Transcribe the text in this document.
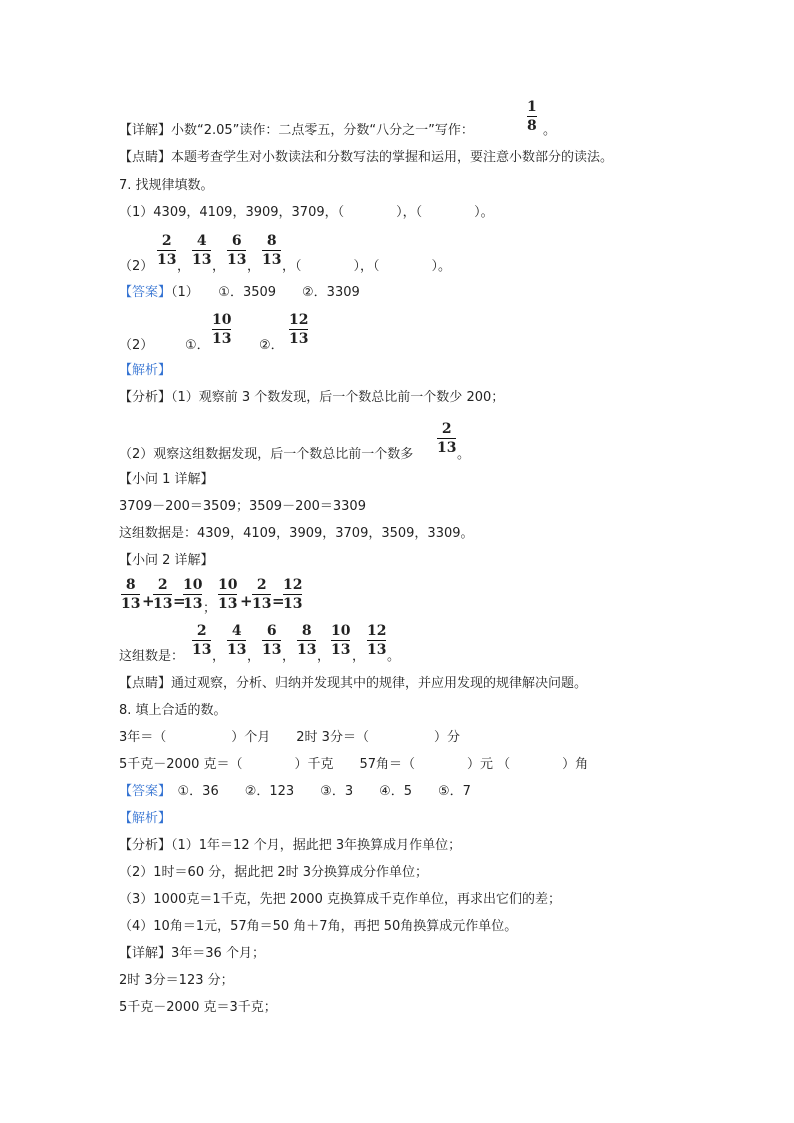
【详解】小数“2.05”读作：二点零五，分数“八分之一”写作：
1
8 。
【点睛】本题考查学生对小数读法和分数写法的掌握和运用，要注意小数部分的读法。
7. 找规律填数。
（1）4309，4109，3909，3709，（　　　　），（　　　　）。
（2）
2
13 ，
4
13 ，
6
13 ，
8
13 ，（　　　　），（　　　　）。
【答案】（1）　　①．3509　　②．3309
（2） ①．
10
13 ②．
12
13
【解析】
【分析】（1）观察前 3 个数发现，后一个数总比前一个数少 200；
（2）观察这组数据发现，后一个数总比前一个数多
2
13 。
【小问 1 详解】
3709－200＝3509；3509－200＝3309
这组数据是：4309，4109，3909，3709，3509，3309。
【小问 2 详解】
8
13 +
2
13 =
10
13 ；
10
13 +
2
13 =
12
13
这组数是：
2
13 ，
4
13 ，
6
13 ，
8
13 ，
10
13 ，
12
13 。
【点睛】通过观察，分析、归纳并发现其中的规律，并应用发现的规律解决问题。
8. 填上合适的数。
3年＝（　　　　　）个月　　2时 3分＝（　　　　　）分
5千克－2000 克＝（　　　　）千克　　57角＝（　　　　）元 （　　　　）角
【答案】　①．36　　②．123　　③．3　　④．5　　⑤．7
【解析】
【分析】（1）1年＝12 个月，据此把 3年换算成月作单位；
（2）1时＝60 分，据此把 2时 3分换算成分作单位；
（3）1000克＝1千克，先把 2000 克换算成千克作单位，再求出它们的差；
（4）10角＝1元，57角＝50 角＋7角，再把 50角换算成元作单位。
【详解】3年＝36 个月；
2时 3分＝123 分；
5千克－2000 克＝3千克；
